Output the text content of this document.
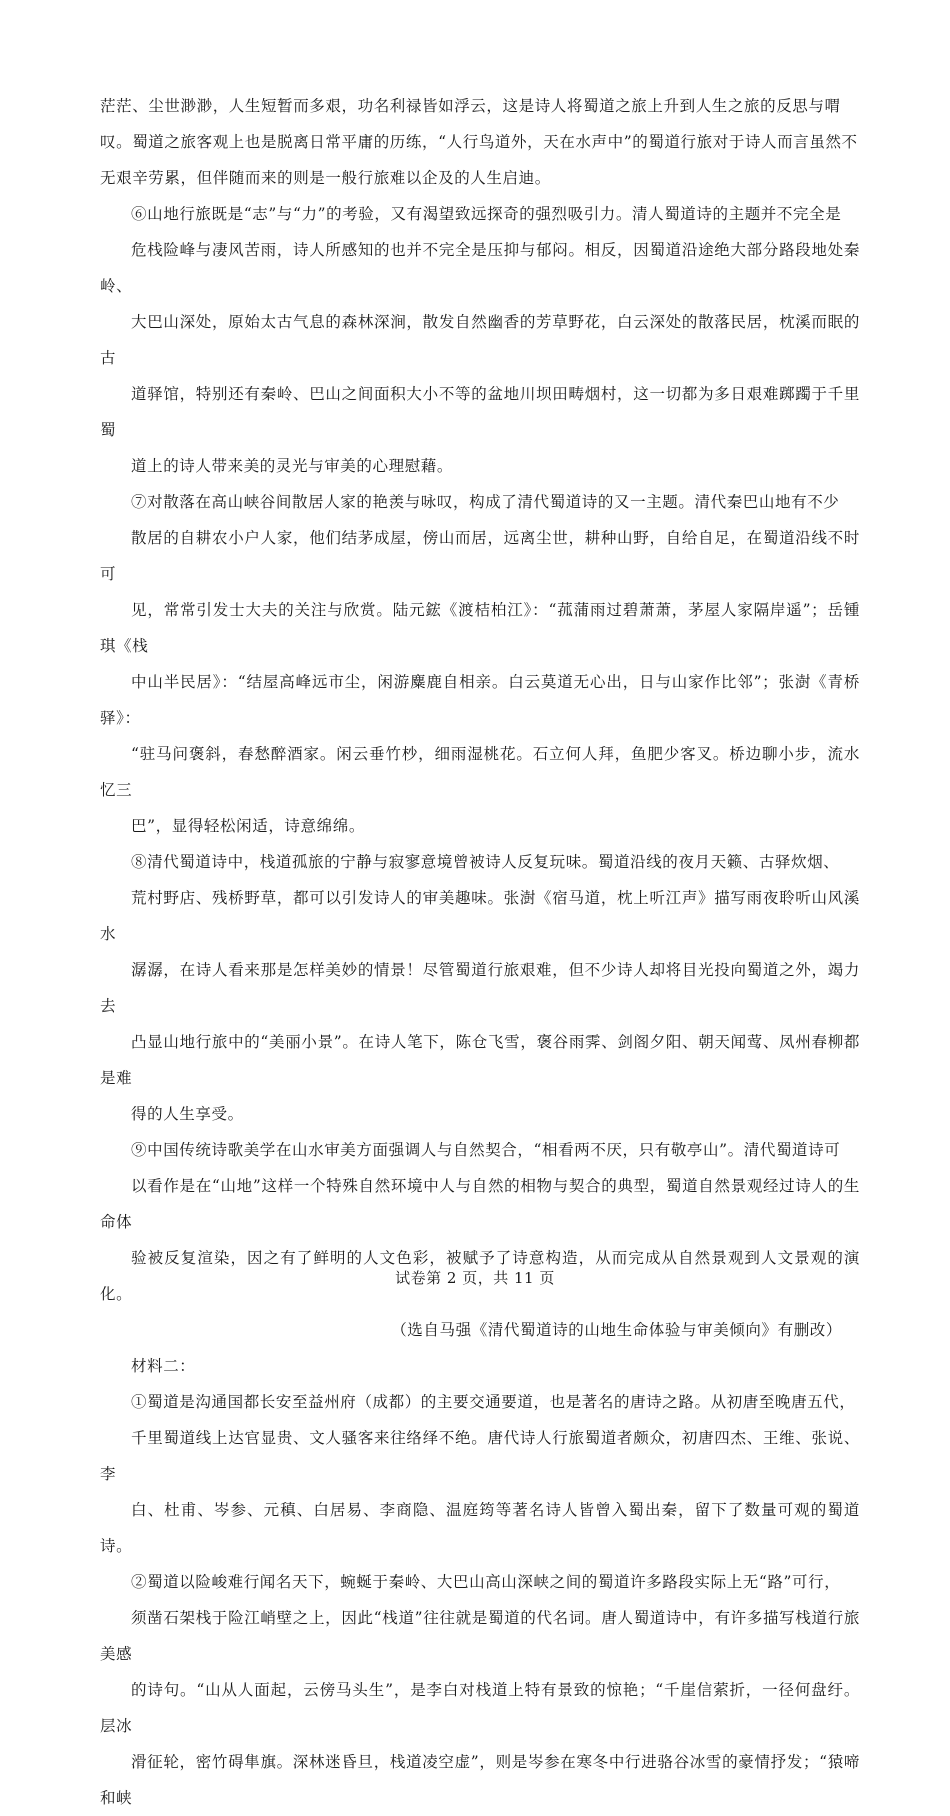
茫茫、尘世渺渺，人生短暂而多艰，功名利禄皆如浮云，这是诗人将蜀道之旅上升到人生之旅的反思与喟
叹。蜀道之旅客观上也是脱离日常平庸的历练，“人行鸟道外，天在水声中”的蜀道行旅对于诗人而言虽然不
无艰辛劳累，但伴随而来的则是一般行旅难以企及的人生启迪。

⑥山地行旅既是“志”与“力”的考验，又有渴望致远探奇的强烈吸引力。清人蜀道诗的主题并不完全是
危栈险峰与凄风苦雨，诗人所感知的也并不完全是压抑与郁闷。相反，因蜀道沿途绝大部分路段地处秦岭、
大巴山深处，原始太古气息的森林深涧，散发自然幽香的芳草野花，白云深处的散落民居，枕溪而眠的古
道驿馆，特别还有秦岭、巴山之间面积大小不等的盆地川坝田畴烟村，这一切都为多日艰难踯躅于千里蜀
道上的诗人带来美的灵光与审美的心理慰藉。

⑦对散落在高山峡谷间散居人家的艳羡与咏叹，构成了清代蜀道诗的又一主题。清代秦巴山地有不少
散居的自耕农小户人家，他们结茅成屋，傍山而居，远离尘世，耕种山野，自给自足，在蜀道沿线不时可
见，常常引发士大夫的关注与欣赏。陆元鋐《渡桔柏江》：“菰蒲雨过碧萧萧，茅屋人家隔岸遥”；岳锺琪《栈
中山半民居》：“结屋高峰远市尘，闲游麋鹿自相亲。白云莫道无心出，日与山家作比邻”；张澍《青桥驿》：
“驻马问褒斜，春愁醉酒家。闲云垂竹杪，细雨湿桃花。石立何人拜，鱼肥少客叉。桥边聊小步，流水忆三
巴”，显得轻松闲适，诗意绵绵。

⑧清代蜀道诗中，栈道孤旅的宁静与寂寥意境曾被诗人反复玩味。蜀道沿线的夜月天籁、古驿炊烟、
荒村野店、残桥野草，都可以引发诗人的审美趣味。张澍《宿马道，枕上听江声》描写雨夜聆听山风溪水
潺潺，在诗人看来那是怎样美妙的情景！尽管蜀道行旅艰难，但不少诗人却将目光投向蜀道之外，竭力去
凸显山地行旅中的“美丽小景”。在诗人笔下，陈仓飞雪，褒谷雨霁、剑阁夕阳、朝天闻莺、凤州春柳都是难
得的人生享受。

⑨中国传统诗歌美学在山水审美方面强调人与自然契合，“相看两不厌，只有敬亭山”。清代蜀道诗可
以看作是在“山地”这样一个特殊自然环境中人与自然的相物与契合的典型，蜀道自然景观经过诗人的生命体
验被反复渲染，因之有了鲜明的人文色彩，被赋予了诗意构造，从而完成从自然景观到人文景观的演化。

（选自马强《清代蜀道诗的山地生命体验与审美倾向》有删改）

材料二：

①蜀道是沟通国都长安至益州府（成都）的主要交通要道，也是著名的唐诗之路。从初唐至晚唐五代，
千里蜀道线上达官显贵、文人骚客来往络绎不绝。唐代诗人行旅蜀道者颇众，初唐四杰、王维、张说、李
白、杜甫、岑参、元稹、白居易、李商隐、温庭筠等著名诗人皆曾入蜀出秦，留下了数量可观的蜀道诗。

②蜀道以险峻难行闻名天下，蜿蜒于秦岭、大巴山高山深峡之间的蜀道许多路段实际上无“路”可行，
须凿石架栈于险江峭壁之上，因此“栈道”往往就是蜀道的代名词。唐人蜀道诗中，有许多描写栈道行旅美感
的诗句。“山从人面起，云傍马头生”，是李白对栈道上特有景致的惊艳；“千崖信萦折，一径何盘纡。层冰
滑征轮，密竹碍隼旗。深林迷昏旦，栈道凌空虚”，则是岑参在寒冬中行进骆谷冰雪的豪情抒发；“猿啼和峡

试卷第 2 页，共 11 页
